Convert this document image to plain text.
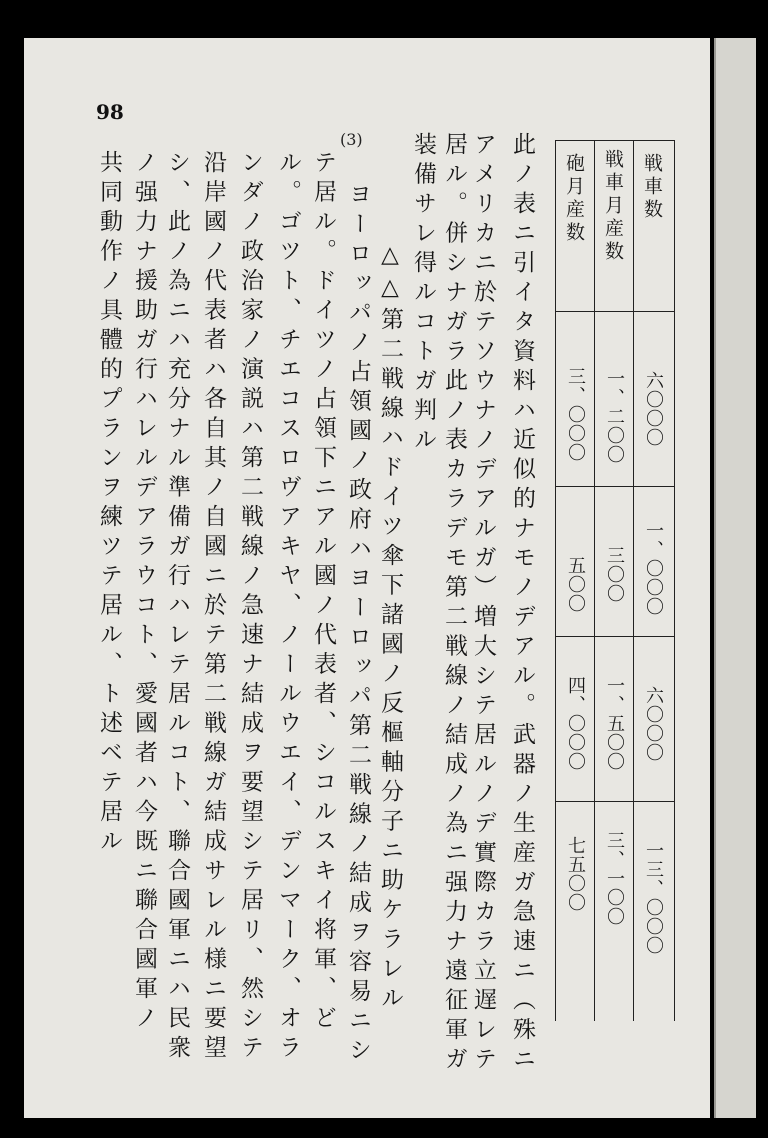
98
(3)
戦車数
戦車月産数
砲月産数
六〇〇〇
一、二〇〇
三、〇〇〇
一、〇〇〇
三〇〇
五〇〇
六〇〇〇
一、五〇〇
四、〇〇〇
一三、〇〇〇
三、一〇〇
七五〇〇
此ノ表ニ引イタ資料ハ近似的ナモノデアル。武器ノ生産ガ急速ニ（殊ニ
アメリカニ於テソウナノデアルガ）増大シテ居ルノデ實際カラ立遅レテ
居ル。併シナガラ此ノ表カラデモ第二戦線ノ結成ノ為ニ强力ナ遠征軍ガ
装備サレ得ルコトガ判ル
△△第二戦線ハドイツ傘下諸國ノ反樞軸分子ニ助ケラレル
ヨーロッパノ占領國ノ政府ハヨーロッパ第二戦線ノ結成ヲ容易ニシ
テ居ル。ドイツノ占領下ニアル國ノ代表者、シコルスキイ将軍、ど
ル。ゴツト、チエコスロヴアキヤ、ノールウエイ、デンマーク、オラ
ンダノ政治家ノ演説ハ第二戦線ノ急速ナ結成ヲ要望シテ居リ、然シテ
沿岸國ノ代表者ハ各自其ノ自國ニ於テ第二戦線ガ結成サレル様ニ要望
シ、此ノ為ニハ充分ナル準備ガ行ハレテ居ルコト、聯合國軍ニハ民衆
ノ强力ナ援助ガ行ハレルデアラウコト、愛國者ハ今既ニ聯合國軍ノ
共同動作ノ具體的プランヲ練ツテ居ル、ト述ベテ居ル
